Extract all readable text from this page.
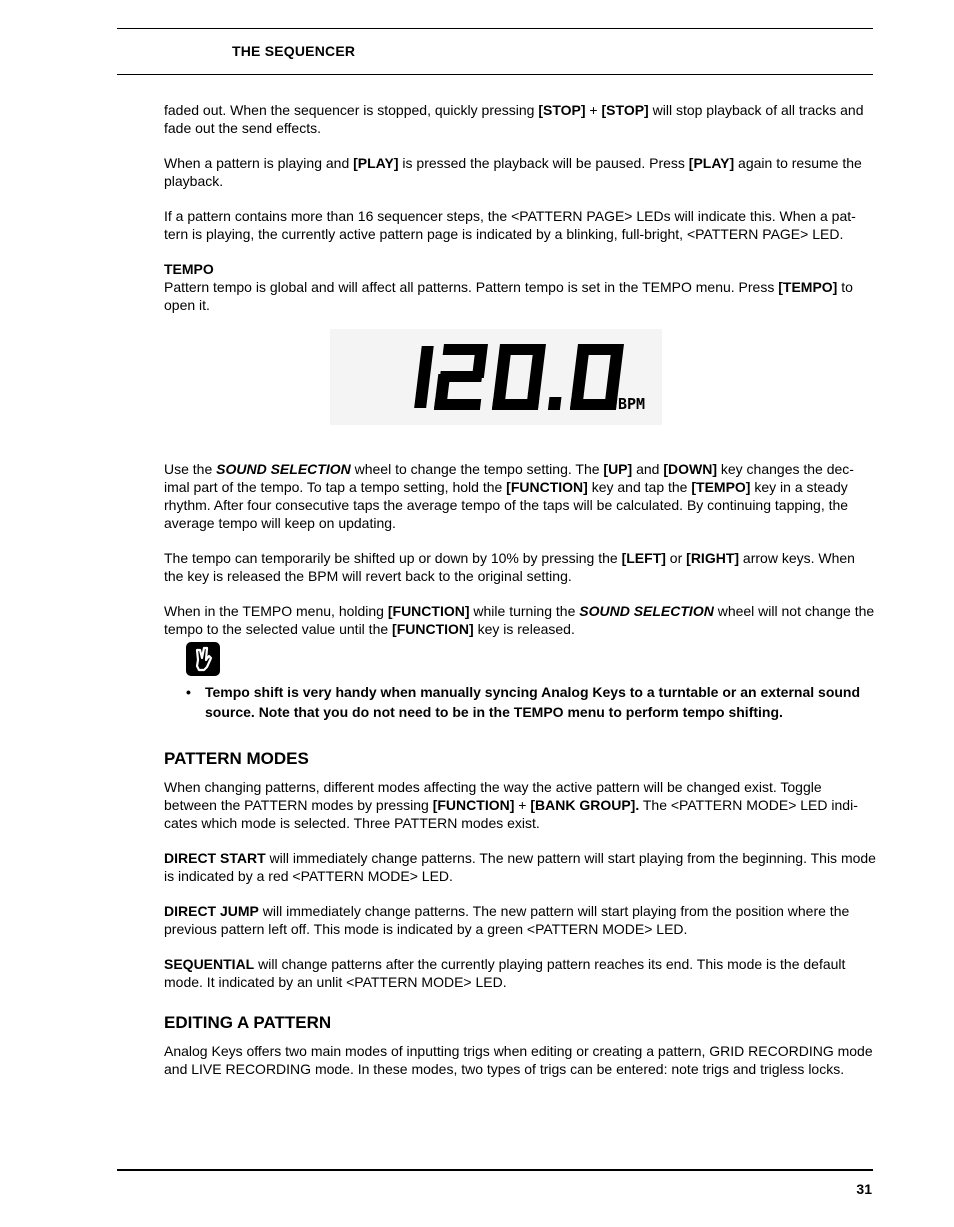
THE SEQUENCER

faded out. When the sequencer is stopped, quickly pressing [STOP] + [STOP] will stop playback of all tracks and fade out the send effects.

When a pattern is playing and [PLAY] is pressed the playback will be paused. Press [PLAY] again to resume the playback.

If a pattern contains more than 16 sequencer steps, the <PATTERN PAGE> LEDs will indicate this. When a pat-tern is playing, the currently active pattern page is indicated by a blinking, full-bright, <PATTERN PAGE> LED.

TEMPO

Pattern tempo is global and will affect all patterns. Pattern tempo is set in the TEMPO menu. Press [TEMPO] to open it.

BPM

Use the SOUND SELECTION wheel to change the tempo setting. The [UP] and [DOWN] key changes the dec-imal part of the tempo. To tap a tempo setting, hold the [FUNCTION] key and tap the [TEMPO] key in a steady rhythm. After four consecutive taps the average tempo of the taps will be calculated. By continuing tapping, the average tempo will keep on updating.

The tempo can temporarily be shifted up or down by 10% by pressing the [LEFT] or [RIGHT] arrow keys. When the key is released the BPM will revert back to the original setting.

When in the TEMPO menu, holding [FUNCTION] while turning the SOUND SELECTION wheel will not change the tempo to the selected value until the [FUNCTION] key is released.

• Tempo shift is very handy when manually syncing Analog Keys to a turntable or an external sound source. Note that you do not need to be in the TEMPO menu to perform tempo shifting.
PATTERN MODES

When changing patterns, different modes affecting the way the active pattern will be changed exist. Toggle between the PATTERN modes by pressing [FUNCTION] + [BANK GROUP]. The <PATTERN MODE> LED indi-cates which mode is selected. Three PATTERN modes exist.

DIRECT START will immediately change patterns. The new pattern will start playing from the beginning. This mode is indicated by a red <PATTERN MODE> LED.

DIRECT JUMP will immediately change patterns. The new pattern will start playing from the position where the previous pattern left off. This mode is indicated by a green <PATTERN MODE> LED.

SEQUENTIAL will change patterns after the currently playing pattern reaches its end. This mode is the default mode. It indicated by an unlit <PATTERN MODE> LED.

EDITING A PATTERN

Analog Keys offers two main modes of inputting trigs when editing or creating a pattern, GRID RECORDING mode and LIVE RECORDING mode. In these modes, two types of trigs can be entered: note trigs and trigless locks.

31
